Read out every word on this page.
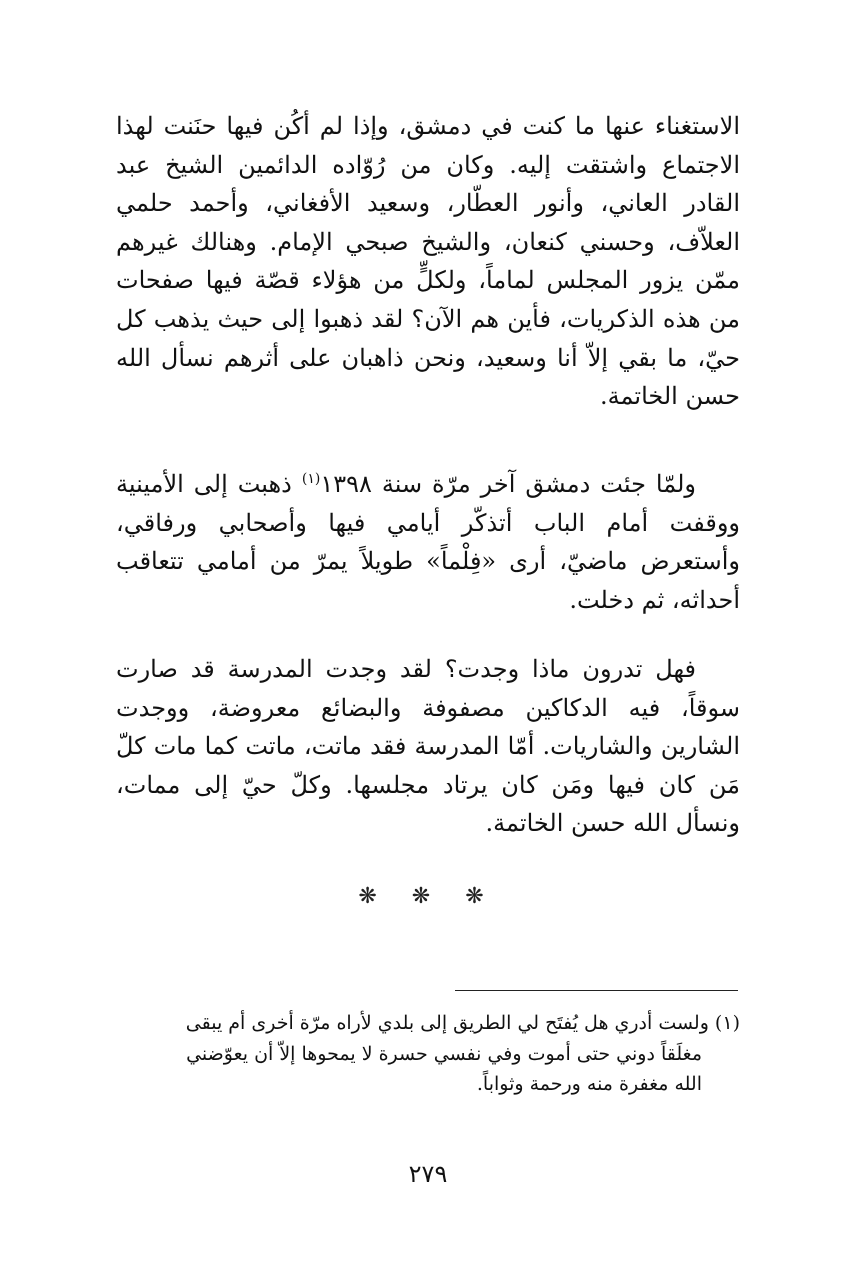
الاستغناء عنها ما كنت في دمشق، وإذا لم أكُن فيها حنَنت لهذا الاجتماع واشتقت إليه. وكان من رُوّاده الدائمين الشيخ عبد القادر العاني، وأنور العطّار، وسعيد الأفغاني، وأحمد حلمي العلاّف، وحسني كنعان، والشيخ صبحي الإمام. وهنالك غيرهم ممّن يزور المجلس لماماً، ولكلٍّ من هؤلاء قصّة فيها صفحات من هذه الذكريات، فأين هم الآن؟ لقد ذهبوا إلى حيث يذهب كل حيّ، ما بقي إلاّ أنا وسعيد، ونحن ذاهبان على أثرهم نسأل الله حسن الخاتمة.

ولمّا جئت دمشق آخر مرّة سنة ١٣٩٨$^{(١)}$ ذهبت إلى الأمينية ووقفت أمام الباب أتذكّر أيامي فيها وأصحابي ورفاقي، وأستعرض ماضيّ، أرى «فِلْماً» طويلاً يمرّ من أمامي تتعاقب أحداثه، ثم دخلت.

فهل تدرون ماذا وجدت؟ لقد وجدت المدرسة قد صارت سوقاً، فيه الدكاكين مصفوفة والبضائع معروضة، ووجدت الشارين والشاريات. أمّا المدرسة فقد ماتت، ماتت كما مات كلّ مَن كان فيها ومَن كان يرتاد مجلسها. وكلّ حيّ إلى ممات، ونسأل الله حسن الخاتمة.

❋ ❋ ❋
(١) ولست أدري هل يُفتَح لي الطريق إلى بلدي لأراه مرّة أخرى أم يبقى
مغلَقاً دوني حتى أموت وفي نفسي حسرة لا يمحوها إلاّ أن يعوّضني
الله مغفرة منه ورحمة وثواباً.
٢٧٩
